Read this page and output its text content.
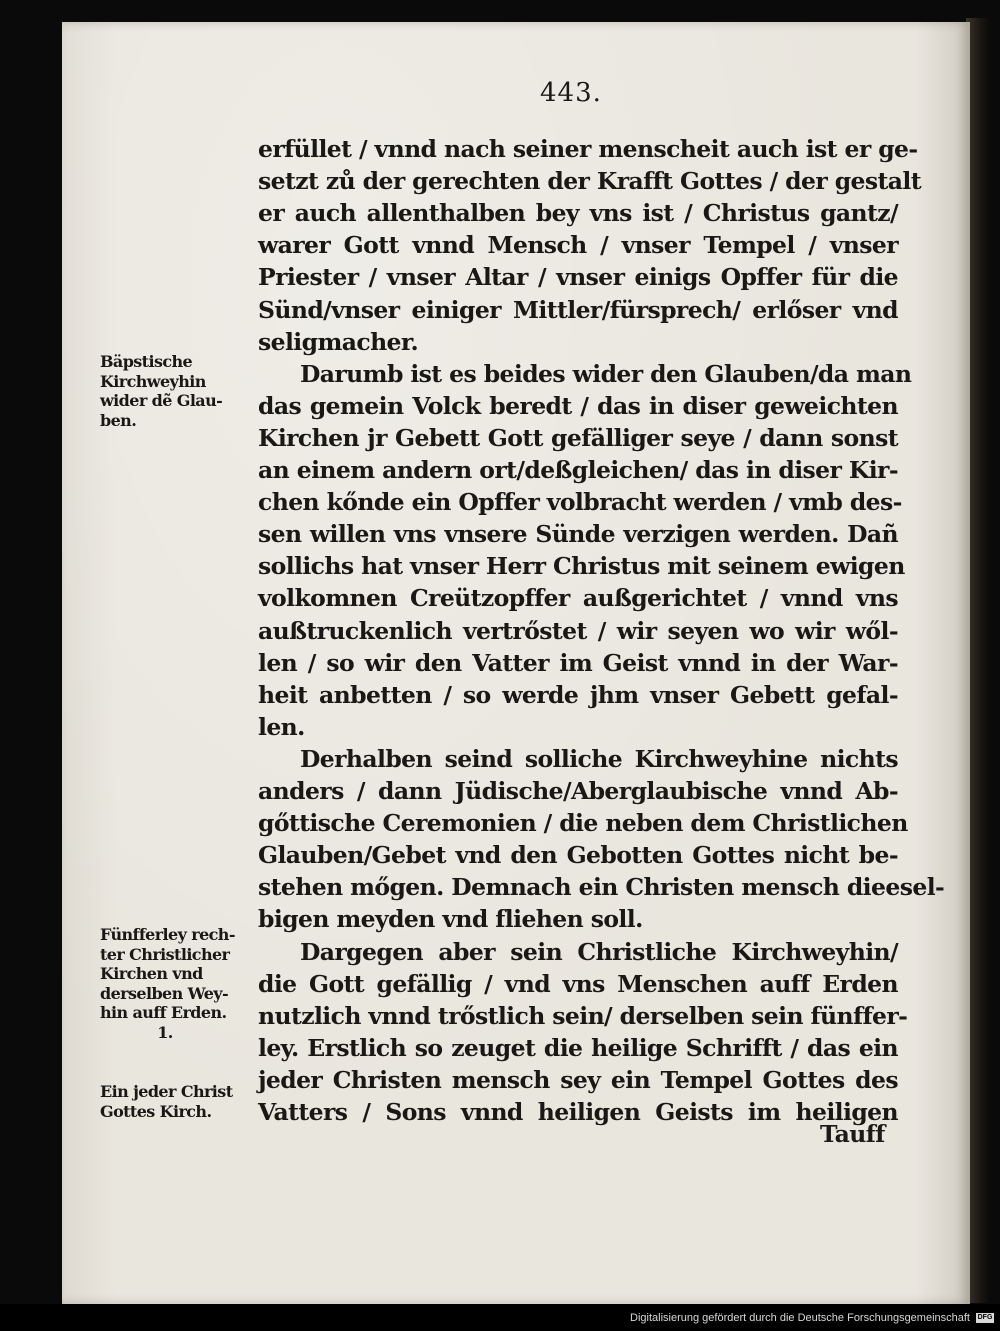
443.
erfüllet / vnnd nach seiner menscheit auch ist er ge-
setzt zů der gerechten der Krafft Gottes / der gestalt
er auch allenthalben bey vns ist / Christus gantz/
warer Gott vnnd Mensch / vnser Tempel / vnser
Priester / vnser Altar / vnser einigs Opffer für die
Sünd/vnser einiger Mittler/fürsprech/ erlőser vnd
seligmacher.
Darumb ist es beides wider den Glauben/da man
das gemein Volck beredt / das in diser geweichten
Kirchen jr Gebett Gott gefälliger seye / dann sonst
an einem andern ort/deßgleichen/ das in diser Kir-
chen kőnde ein Opffer volbracht werden / vmb des-
sen willen vns vnsere Sünde verzigen werden. Dañ
sollichs hat vnser Herr Christus mit seinem ewigen
volkomnen Creützopffer außgerichtet / vnnd vns
außtruckenlich vertrőstet / wir seyen wo wir wől-
len / so wir den Vatter im Geist vnnd in der War-
heit anbetten / so werde jhm vnser Gebett gefal-
len.
Derhalben seind solliche Kirchweyhine nichts
anders / dann Jüdische/Aberglaubische vnnd Ab-
gőttische Ceremonien / die neben dem Christlichen
Glauben/Gebet vnd den Gebotten Gottes nicht be-
stehen mőgen. Demnach ein Christen mensch dieesel-
bigen meyden vnd fliehen soll.
Dargegen aber sein Christliche Kirchweyhin/
die Gott gefällig / vnd vns Menschen auff Erden
nutzlich vnnd trőstlich sein/ derselben sein fünffer-
ley. Erstlich so zeuget die heilige Schrifft / das ein
jeder Christen mensch sey ein Tempel Gottes des
Vatters / Sons vnnd heiligen Geists im heiligen
Bäpstische
Kirchweyhin
wider dẽ Glau-
ben.
Fünfferley rech-
ter Christlicher
Kirchen vnd
derselben Wey-
hin auff Erden.
1.
Ein jeder Christ
Gottes Kirch.
Tauff
Digitalisierung gefördert durch die Deutsche Forschungsgemeinschaft DFG
